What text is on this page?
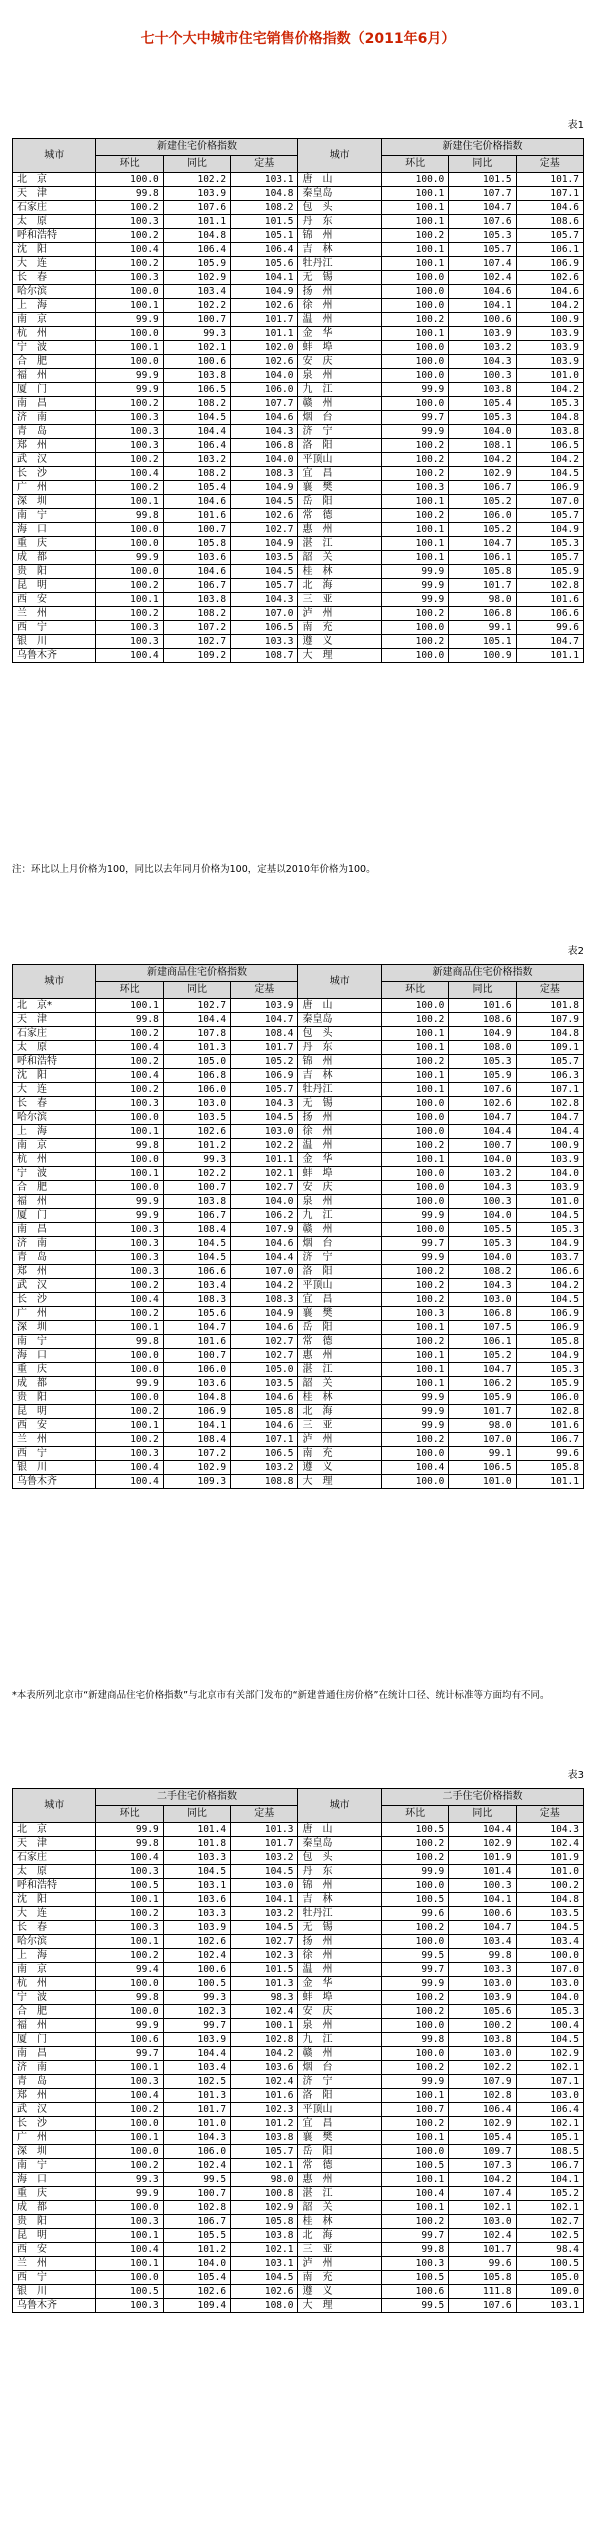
七十个大中城市住宅销售价格指数（2011年6月）
表1
城市	新建住宅价格指数			城市	新建住宅价格指数		
	环比	同比	定基		环比	同比	定基
北　京	100.0	102.2	103.1	唐　山	100.0	101.5	101.7
天　津	99.8	103.9	104.8	秦皇岛	100.1	107.7	107.1
石家庄	100.2	107.6	108.2	包　头	100.1	104.7	104.6
太　原	100.3	101.1	101.5	丹　东	100.1	107.6	108.6
呼和浩特	100.2	104.8	105.1	锦　州	100.2	105.3	105.7
沈　阳	100.4	106.4	106.4	吉　林	100.1	105.7	106.1
大　连	100.2	105.9	105.6	牡丹江	100.1	107.4	106.9
长　春	100.3	102.9	104.1	无　锡	100.0	102.4	102.6
哈尔滨	100.0	103.4	104.9	扬　州	100.0	104.6	104.6
上　海	100.1	102.2	102.6	徐　州	100.0	104.1	104.2
南　京	99.9	100.7	101.7	温　州	100.2	100.6	100.9
杭　州	100.0	99.3	101.1	金　华	100.1	103.9	103.9
宁　波	100.1	102.1	102.0	蚌　埠	100.0	103.2	103.9
合　肥	100.0	100.6	102.6	安　庆	100.0	104.3	103.9
福　州	99.9	103.8	104.0	泉　州	100.0	100.3	101.0
厦　门	99.9	106.5	106.0	九　江	99.9	103.8	104.2
南　昌	100.2	108.2	107.7	赣　州	100.0	105.4	105.3
济　南	100.3	104.5	104.6	烟　台	99.7	105.3	104.8
青　岛	100.3	104.4	104.3	济　宁	99.9	104.0	103.8
郑　州	100.3	106.4	106.8	洛　阳	100.2	108.1	106.5
武　汉	100.2	103.2	104.0	平顶山	100.2	104.2	104.2
长　沙	100.4	108.2	108.3	宜　昌	100.2	102.9	104.5
广　州	100.2	105.4	104.9	襄　樊	100.3	106.7	106.9
深　圳	100.1	104.6	104.5	岳　阳	100.1	105.2	107.0
南　宁	99.8	101.6	102.6	常　德	100.2	106.0	105.7
海　口	100.0	100.7	102.7	惠　州	100.1	105.2	104.9
重　庆	100.0	105.8	104.9	湛　江	100.1	104.7	105.3
成　都	99.9	103.6	103.5	韶　关	100.1	106.1	105.7
贵　阳	100.0	104.6	104.5	桂　林	99.9	105.8	105.9
昆　明	100.2	106.7	105.7	北　海	99.9	101.7	102.8
西　安	100.1	103.8	104.3	三　亚	99.9	98.0	101.6
兰　州	100.2	108.2	107.0	泸　州	100.2	106.8	106.6
西　宁	100.3	107.2	106.5	南　充	100.0	99.1	99.6
银　川	100.3	102.7	103.3	遵　义	100.2	105.1	104.7
乌鲁木齐	100.4	109.2	108.7	大　理	100.0	100.9	101.1
注：环比以上月价格为100，同比以去年同月价格为100，定基以2010年价格为100。
表2
城市	新建商品住宅价格指数			城市	新建商品住宅价格指数		
	环比	同比	定基		环比	同比	定基
北　京*	100.1	102.7	103.9	唐　山	100.0	101.6	101.8
天　津	99.8	104.4	104.7	秦皇岛	100.2	108.6	107.9
石家庄	100.2	107.8	108.4	包　头	100.1	104.9	104.8
太　原	100.4	101.3	101.7	丹　东	100.1	108.0	109.1
呼和浩特	100.2	105.0	105.2	锦　州	100.2	105.3	105.7
沈　阳	100.4	106.8	106.9	吉　林	100.1	105.9	106.3
大　连	100.2	106.0	105.7	牡丹江	100.1	107.6	107.1
长　春	100.3	103.0	104.3	无　锡	100.0	102.6	102.8
哈尔滨	100.0	103.5	104.5	扬　州	100.0	104.7	104.7
上　海	100.1	102.6	103.0	徐　州	100.0	104.4	104.4
南　京	99.8	101.2	102.2	温　州	100.2	100.7	100.9
杭　州	100.0	99.3	101.1	金　华	100.1	104.0	103.9
宁　波	100.1	102.2	102.1	蚌　埠	100.0	103.2	104.0
合　肥	100.0	100.7	102.7	安　庆	100.0	104.3	103.9
福　州	99.9	103.8	104.0	泉　州	100.0	100.3	101.0
厦　门	99.9	106.7	106.2	九　江	99.9	104.0	104.5
南　昌	100.3	108.4	107.9	赣　州	100.0	105.5	105.3
济　南	100.3	104.5	104.6	烟　台	99.7	105.3	104.9
青　岛	100.3	104.5	104.4	济　宁	99.9	104.0	103.7
郑　州	100.3	106.6	107.0	洛　阳	100.2	108.2	106.6
武　汉	100.2	103.4	104.2	平顶山	100.2	104.3	104.2
长　沙	100.4	108.3	108.3	宜　昌	100.2	103.0	104.5
广　州	100.2	105.6	104.9	襄　樊	100.3	106.8	106.9
深　圳	100.1	104.7	104.6	岳　阳	100.1	107.5	106.9
南　宁	99.8	101.6	102.7	常　德	100.2	106.1	105.8
海　口	100.0	100.7	102.7	惠　州	100.1	105.2	104.9
重　庆	100.0	106.0	105.0	湛　江	100.1	104.7	105.3
成　都	99.9	103.6	103.5	韶　关	100.1	106.2	105.9
贵　阳	100.0	104.8	104.6	桂　林	99.9	105.9	106.0
昆　明	100.2	106.9	105.8	北　海	99.9	101.7	102.8
西　安	100.1	104.1	104.6	三　亚	99.9	98.0	101.6
兰　州	100.2	108.4	107.1	泸　州	100.2	107.0	106.7
西　宁	100.3	107.2	106.5	南　充	100.0	99.1	99.6
银　川	100.4	102.9	103.2	遵　义	100.4	106.5	105.8
乌鲁木齐	100.4	109.3	108.8	大　理	100.0	101.0	101.1
*本表所列北京市“新建商品住宅价格指数”与北京市有关部门发布的“新建普通住房价格”在统计口径、统计标准等方面均有不同。
表3
城市	二手住宅价格指数			城市	二手住宅价格指数		
	环比	同比	定基		环比	同比	定基
北　京	99.9	101.4	101.3	唐　山	100.5	104.4	104.3
天　津	99.8	101.8	101.7	秦皇岛	100.2	102.9	102.4
石家庄	100.4	103.3	103.2	包　头	100.2	101.9	101.9
太　原	100.3	104.5	104.5	丹　东	99.9	101.4	101.0
呼和浩特	100.5	103.1	103.0	锦　州	100.0	100.3	100.2
沈　阳	100.1	103.6	104.1	吉　林	100.5	104.1	104.8
大　连	100.2	103.3	103.2	牡丹江	99.6	100.6	103.5
长　春	100.3	103.9	104.5	无　锡	100.2	104.7	104.5
哈尔滨	100.1	102.6	102.7	扬　州	100.0	103.4	103.4
上　海	100.2	102.4	102.3	徐　州	99.5	99.8	100.0
南　京	99.4	100.6	101.5	温　州	99.7	103.3	107.0
杭　州	100.0	100.5	101.3	金　华	99.9	103.0	103.0
宁　波	99.8	99.3	98.3	蚌　埠	100.2	103.9	104.0
合　肥	100.0	102.3	102.4	安　庆	100.2	105.6	105.3
福　州	99.9	99.7	100.1	泉　州	100.0	100.2	100.4
厦　门	100.6	103.9	102.8	九　江	99.8	103.8	104.5
南　昌	99.7	104.4	104.2	赣　州	100.0	103.0	102.9
济　南	100.1	103.4	103.6	烟　台	100.2	102.2	102.1
青　岛	100.3	102.5	102.4	济　宁	99.9	107.9	107.1
郑　州	100.4	101.3	101.6	洛　阳	100.1	102.8	103.0
武　汉	100.2	101.7	102.3	平顶山	100.7	106.4	106.4
长　沙	100.0	101.0	101.2	宜　昌	100.2	102.9	102.1
广　州	100.1	104.3	103.8	襄　樊	100.1	105.4	105.1
深　圳	100.0	106.0	105.7	岳　阳	100.0	109.7	108.5
南　宁	100.2	102.4	102.1	常　德	100.5	107.3	106.7
海　口	99.3	99.5	98.0	惠　州	100.1	104.2	104.1
重　庆	99.9	100.7	100.8	湛　江	100.4	107.4	105.2
成　都	100.0	102.8	102.9	韶　关	100.1	102.1	102.1
贵　阳	100.3	106.7	105.8	桂　林	100.2	103.0	102.7
昆　明	100.1	105.5	103.8	北　海	99.7	102.4	102.5
西　安	100.4	101.2	102.1	三　亚	99.8	101.7	98.4
兰　州	100.1	104.0	103.1	泸　州	100.3	99.6	100.5
西　宁	100.0	105.4	104.5	南　充	100.5	105.8	105.0
银　川	100.5	102.6	102.6	遵　义	100.6	111.8	109.0
乌鲁木齐	100.3	109.4	108.0	大　理	99.5	107.6	103.1
